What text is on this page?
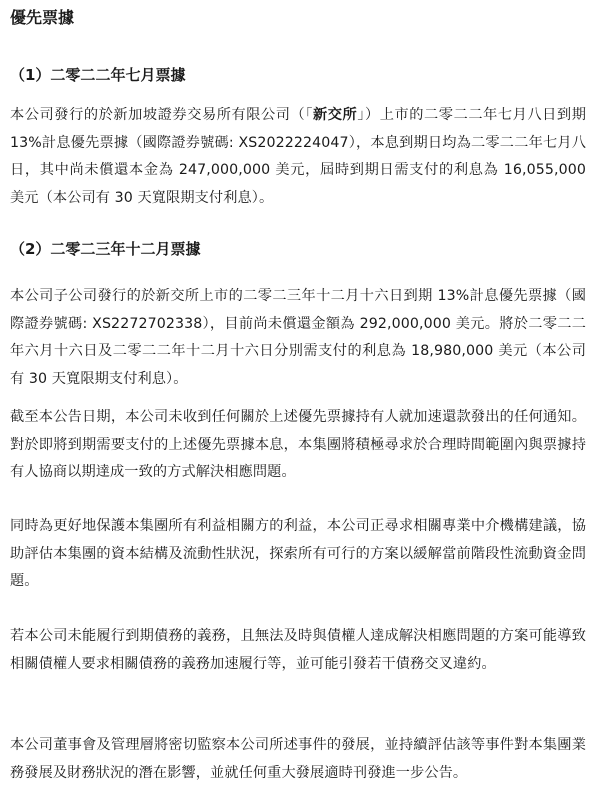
優先票據
（1）二零二二年七月票據

本公司發行的於新加坡證券交易所有限公司（「新交所」）上市的二零二二年七月八日到期 13%計息優先票據（國際證券號碼: XS2022224047），本息到期日均為二零二二年七月八日，其中尚未償還本金為 247,000,000 美元，屆時到期日需支付的利息為 16,055,000 美元（本公司有 30 天寬限期支付利息）。

（2）二零二三年十二月票據

本公司子公司發行的於新交所上市的二零二三年十二月十六日到期 13%計息優先票據（國際證券號碼: XS2272702338），目前尚未償還金額為 292,000,000 美元。將於二零二二年六月十六日及二零二二年十二月十六日分別需支付的利息為 18,980,000 美元（本公司有 30 天寬限期支付利息）。

截至本公告日期，本公司未收到任何關於上述優先票據持有人就加速還款發出的任何通知。對於即將到期需要支付的上述優先票據本息，本集團將積極尋求於合理時間範圍內與票據持有人協商以期達成一致的方式解決相應問題。

同時為更好地保護本集團所有利益相關方的利益，本公司正尋求相關專業中介機構建議，協助評估本集團的資本結構及流動性狀況，探索所有可行的方案以緩解當前階段性流動資金問題。

若本公司未能履行到期債務的義務，且無法及時與債權人達成解決相應問題的方案可能導致相關債權人要求相關債務的義務加速履行等，並可能引發若干債務交叉違約。

本公司董事會及管理層將密切監察本公司所述事件的發展，並持續評估該等事件對本集團業務發展及財務狀況的潛在影響，並就任何重大發展適時刊發進一步公告。
